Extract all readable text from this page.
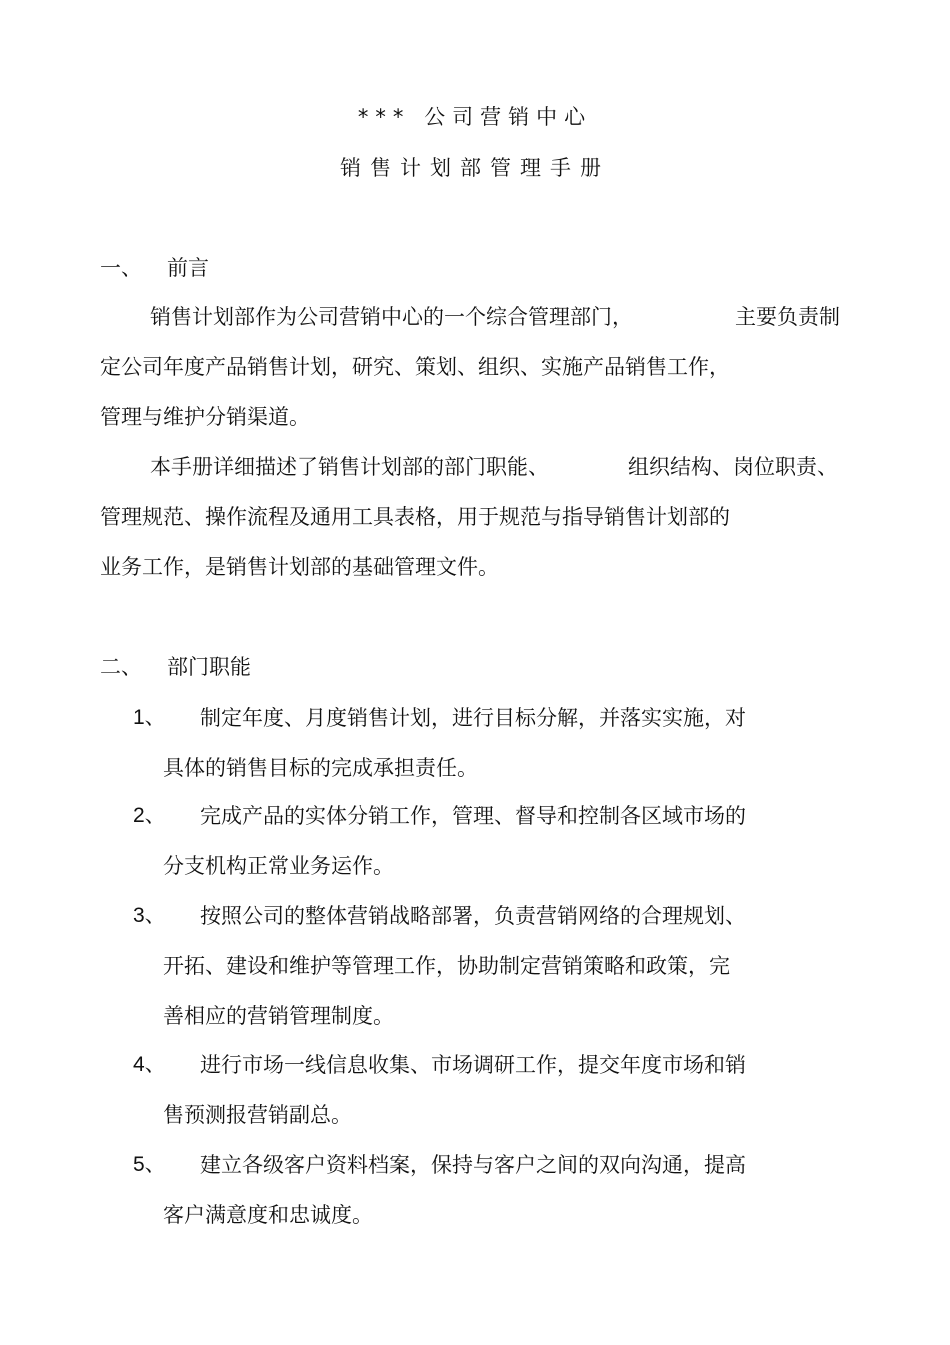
*** 公司营销中心
销售计划部管理手册
一、 前言
销售计划部作为公司营销中心的一个综合管理部门，	主要负责制
定公司年度产品销售计划，研究、策划、组织、实施产品销售工作，
管理与维护分销渠道。
本手册详细描述了销售计划部的部门职能、	组织结构、岗位职责、
管理规范、操作流程及通用工具表格，用于规范与指导销售计划部的
业务工作，是销售计划部的基础管理文件。
二、 部门职能
1、 制定年度、月度销售计划，进行目标分解，并落实实施，对
具体的销售目标的完成承担责任。
2、 完成产品的实体分销工作，管理、督导和控制各区域市场的
分支机构正常业务运作。
3、 按照公司的整体营销战略部署，负责营销网络的合理规划、
开拓、建设和维护等管理工作，协助制定营销策略和政策，完
善相应的营销管理制度。
4、 进行市场一线信息收集、市场调研工作，提交年度市场和销
售预测报营销副总。
5、 建立各级客户资料档案，保持与客户之间的双向沟通，提高
客户满意度和忠诚度。
